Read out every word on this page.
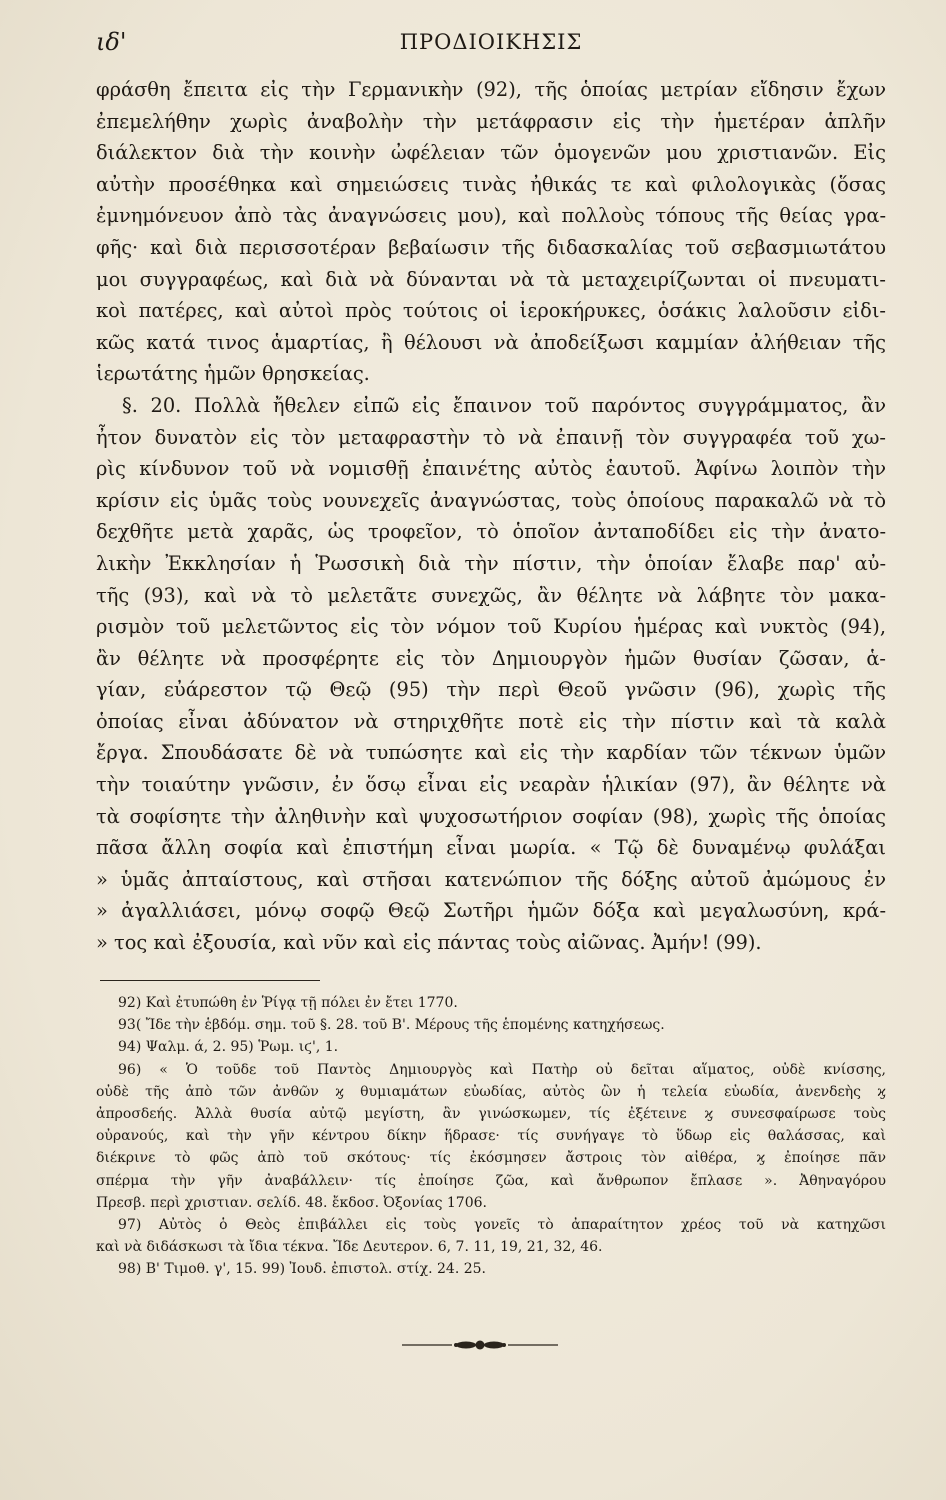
ιδ'	ΠΡΟΔΙΟΙΚΗΣΙΣ
φράσθη ἔπειτα εἰς τὴν Γερμανικὴν (92), τῆς ὁποίας μετρίαν εἴδησιν ἔχων
ἐπεμελήθην χωρὶς ἀναβολὴν τὴν μετάφρασιν εἰς τὴν ἡμετέραν ἁπλῆν
διάλεκτον διὰ τὴν κοινὴν ὠφέλειαν τῶν ὁμογενῶν μου χριστιανῶν. Εἰς
αὐτὴν προσέθηκα καὶ σημειώσεις τινὰς ἠθικάς τε καὶ φιλολογικὰς (ὅσας
ἐμνημόνευον ἀπὸ τὰς ἀναγνώσεις μου), καὶ πολλοὺς τόπους τῆς θείας γρα-
φῆς· καὶ διὰ περισσοτέραν βεβαίωσιν τῆς διδασκαλίας τοῦ σεβασμιωτάτου
μοι συγγραφέως, καὶ διὰ νὰ δύνανται νὰ τὰ μεταχειρίζωνται οἱ πνευματι-
κοὶ πατέρες, καὶ αὐτοὶ πρὸς τούτοις οἱ ἱεροκήρυκες, ὁσάκις λαλοῦσιν εἰδι-
κῶς κατά τινος ἁμαρτίας, ἢ θέλουσι νὰ ἀποδείξωσι καμμίαν ἀλήθειαν τῆς
ἱερωτάτης ἡμῶν θρησκείας.
§. 20. Πολλὰ ἤθελεν εἰπῶ εἰς ἔπαινον τοῦ παρόντος συγγράμματος, ἂν
ἦτον δυνατὸν εἰς τὸν μεταφραστὴν τὸ νὰ ἐπαινῇ τὸν συγγραφέα τοῦ χω-
ρὶς κίνδυνον τοῦ νὰ νομισθῇ ἐπαινέτης αὐτὸς ἑαυτοῦ. Ἀφίνω λοιπὸν τὴν
κρίσιν εἰς ὑμᾶς τοὺς νουνεχεῖς ἀναγνώστας, τοὺς ὁποίους παρακαλῶ νὰ τὸ
δεχθῆτε μετὰ χαρᾶς, ὡς τροφεῖον, τὸ ὁποῖον ἀνταποδίδει εἰς τὴν ἀνατο-
λικὴν Ἐκκλησίαν ἡ Ῥωσσικὴ διὰ τὴν πίστιν, τὴν ὁποίαν ἔλαβε παρ' αὐ-
τῆς (93), καὶ νὰ τὸ μελετᾶτε συνεχῶς, ἂν θέλητε νὰ λάβητε τὸν μακα-
ρισμὸν τοῦ μελετῶντος εἰς τὸν νόμον τοῦ Κυρίου ἡμέρας καὶ νυκτὸς (94),
ἂν θέλητε νὰ προσφέρητε εἰς τὸν Δημιουργὸν ἡμῶν θυσίαν ζῶσαν, ἁ-
γίαν, εὐάρεστον τῷ Θεῷ (95) τὴν περὶ Θεοῦ γνῶσιν (96), χωρὶς τῆς
ὁποίας εἶναι ἀδύνατον νὰ στηριχθῆτε ποτὲ εἰς τὴν πίστιν καὶ τὰ καλὰ
ἔργα. Σπουδάσατε δὲ νὰ τυπώσητε καὶ εἰς τὴν καρδίαν τῶν τέκνων ὑμῶν
τὴν τοιαύτην γνῶσιν, ἐν ὅσῳ εἶναι εἰς νεαρὰν ἡλικίαν (97), ἂν θέλητε νὰ
τὰ σοφίσητε τὴν ἀληθινὴν καὶ ψυχοσωτήριον σοφίαν (98), χωρὶς τῆς ὁποίας
πᾶσα ἄλλη σοφία καὶ ἐπιστήμη εἶναι μωρία. « Τῷ δὲ δυναμένῳ φυλάξαι
» ὑμᾶς ἀπταίστους, καὶ στῆσαι κατενώπιον τῆς δόξης αὐτοῦ ἀμώμους ἐν
» ἀγαλλιάσει, μόνῳ σοφῷ Θεῷ Σωτῆρι ἡμῶν δόξα καὶ μεγαλωσύνη, κρά-
» τος καὶ ἐξουσία, καὶ νῦν καὶ εἰς πάντας τοὺς αἰῶνας. Ἀμήν! (99).
92) Καὶ ἐτυπώθη ἐν Ῥίγᾳ τῇ πόλει ἐν ἔτει 1770.
93( Ἴδε τὴν ἑβδόμ. σημ. τοῦ §. 28. τοῦ Β'. Μέρους τῆς ἑπομένης κατηχήσεως.
94) Ψαλμ. ά, 2. 95) Ῥωμ. ιϛ', 1.
96) « Ὁ τοῦδε τοῦ Παντὸς Δημιουργὸς καὶ Πατὴρ οὐ δεῖται αἵματος, οὐδὲ κνίσσης,
οὐδὲ τῆς ἀπὸ τῶν ἀνθῶν ϗ θυμιαμάτων εὐωδίας, αὐτὸς ὢν ἡ τελεία εὐωδία, ἀνενδεὴς ϗ
ἀπροσδεής. Ἀλλὰ θυσία αὐτῷ μεγίστη, ἂν γινώσκωμεν, τίς ἐξέτεινε ϗ συνεσφαίρωσε τοὺς
οὐρανούς, καὶ τὴν γῆν κέντρου δίκην ἥδρασε· τίς συνήγαγε τὸ ὕδωρ εἰς θαλάσσας, καὶ
διέκρινε τὸ φῶς ἀπὸ τοῦ σκότους· τίς ἐκόσμησεν ἄστροις τὸν αἰθέρα, ϗ ἐποίησε πᾶν
σπέρμα τὴν γῆν ἀναβάλλειν· τίς ἐποίησε ζῶα, καὶ ἄνθρωπον ἔπλασε ». Ἀθηναγόρου
Πρεσβ. περὶ χριστιαν. σελίδ. 48. ἔκδοσ. Ὀξονίας 1706.
97) Αὐτὸς ὁ Θεὸς ἐπιβάλλει εἰς τοὺς γονεῖς τὸ ἀπαραίτητον χρέος τοῦ νὰ κατηχῶσι
καὶ νὰ διδάσκωσι τὰ ἴδια τέκνα. Ἴδε Δευτερον. 6, 7. 11, 19, 21, 32, 46.
98) Β' Τιμοθ. γ', 15. 99) Ἰουδ. ἐπιστολ. στίχ. 24. 25.
